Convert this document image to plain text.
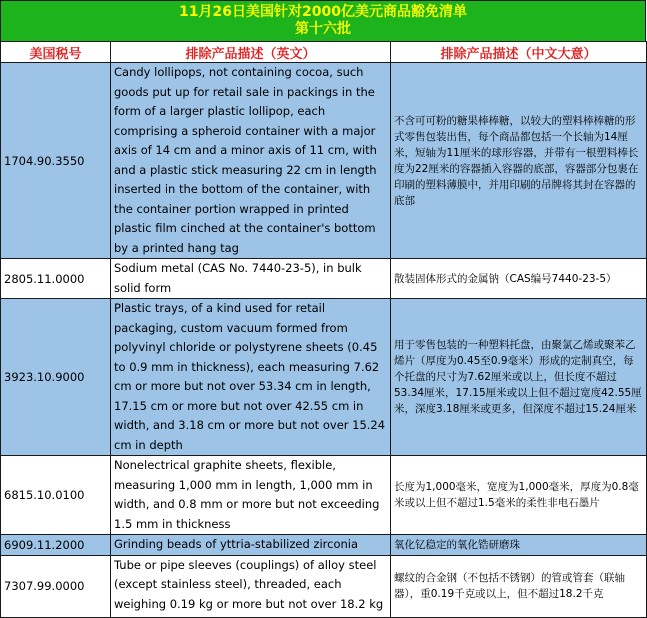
11月26日美国针对2000亿美元商品豁免清单
第十六批
美国税号	排除产品描述（英文）	排除产品描述（中文大意）
1704.90.3550	Candy lollipops, not containing cocoa, such goods put up for retail sale in packings in the form of a larger plastic lollipop, each comprising a spheroid container with a major axis of 14 cm and a minor axis of 11 cm, with and a plastic stick measuring 22 cm in length inserted in the bottom of the container, with the container portion wrapped in printed plastic film cinched at the container's bottom by a printed hang tag	不含可可粉的糖果棒棒糖，以较大的塑料棒棒糖的形式零售包装出售，每个商品都包括一个长轴为14厘米，短轴为11厘米的球形容器，并带有一根塑料棒长度为22厘米的容器插入容器的底部，容器部分包裹在印刷的塑料薄膜中，并用印刷的吊牌将其封在容器的底部
2805.11.0000	Sodium metal (CAS No. 7440-23-5), in bulk solid form	散装固体形式的金属钠（CAS编号7440-23-5）
3923.10.9000	Plastic trays, of a kind used for retail packaging, custom vacuum formed from polyvinyl chloride or polystyrene sheets (0.45 to 0.9 mm in thickness), each measuring 7.62 cm or more but not over 53.34 cm in length, 17.15 cm or more but not over 42.55 cm in width, and 3.18 cm or more but not over 15.24 cm in depth	用于零售包装的一种塑料托盘，由聚氯乙烯或聚苯乙烯片（厚度为0.45至0.9毫米）形成的定制真空，每个托盘的尺寸为7.62厘米或以上，但长度不超过53.34厘米，17.15厘米或以上但不超过宽度42.55厘米，深度3.18厘米或更多，但深度不超过15.24厘米
6815.10.0100	Nonelectrical graphite sheets, flexible, measuring 1,000 mm in length, 1,000 mm in width, and 0.8 mm or more but not exceeding 1.5 mm in thickness	长度为1,000毫米，宽度为1,000毫米，厚度为0.8毫米或以上但不超过1.5毫米的柔性非电石墨片
6909.11.2000	Grinding beads of yttria-stabilized zirconia	氧化钇稳定的氧化锆研磨珠
7307.99.0000	Tube or pipe sleeves (couplings) of alloy steel (except stainless steel), threaded, each weighing 0.19 kg or more but not over 18.2 kg	螺纹的合金钢（不包括不锈钢）的管或管套（联轴器），重0.19千克或以上，但不超过18.2千克
